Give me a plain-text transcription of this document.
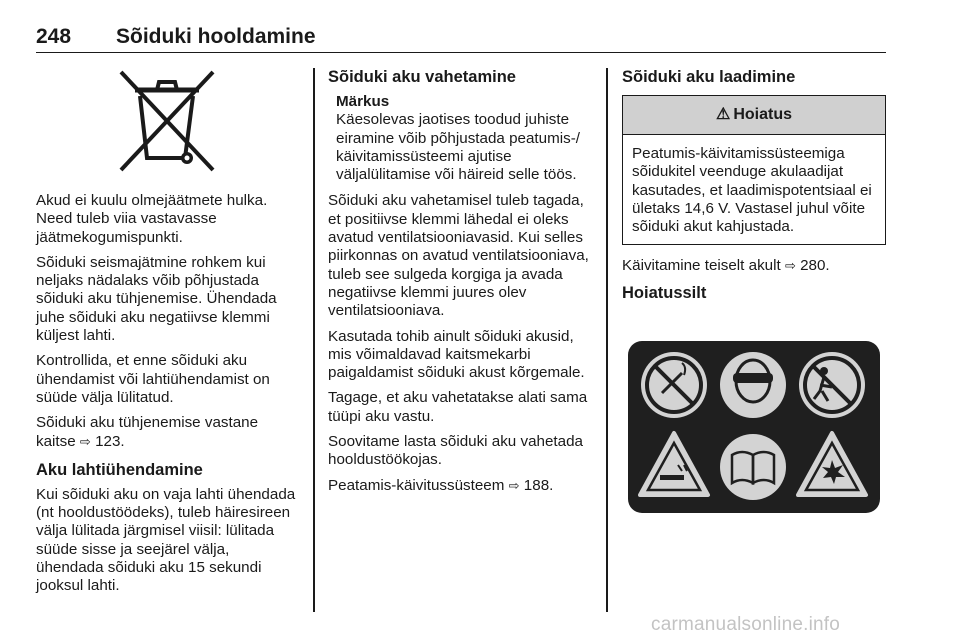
248	Sõiduki hooldamine

Akud ei kuulu olmejäätmete hulka. Need tuleb viia vastavasse jäätmekogumispunkti.

Sõiduki seismajätmine rohkem kui neljaks nädalaks võib põhjustada sõiduki aku tühjenemise. Ühendada juhe sõiduki aku negatiivse klemmi küljest lahti.

Kontrollida, et enne sõiduki aku ühendamist või lahtiühendamist on süüde välja lülitatud.

Sõiduki aku tühjenemise vastane kaitse ⇨ 123.

Aku lahtiühendamine

Kui sõiduki aku on vaja lahti ühendada (nt hooldustöödeks), tuleb häiresireen välja lülitada järgmisel viisil: lülitada süüde sisse ja seejärel välja, ühendada sõiduki aku 15 sekundi jooksul lahti.

Sõiduki aku vahetamine
Märkus
Käesolevas jaotises toodud juhiste eiramine võib põhjustada peatumis-/ käivitamissüsteemi ajutise väljalülitamise või häireid selle töös.

Sõiduki aku vahetamisel tuleb tagada, et positiivse klemmi lähedal ei oleks avatud ventilatsiooniavasid. Kui selles piirkonnas on avatud ventilatsiooniava, tuleb see sulgeda korgiga ja avada negatiivse klemmi juures olev ventilatsiooniava.

Kasutada tohib ainult sõiduki akusid, mis võimaldavad kaitsmekarbi paigaldamist sõiduki akust kõrgemale.

Tagage, et aku vahetatakse alati sama tüüpi aku vastu.

Soovitame lasta sõiduki aku vahetada hooldustöökojas.

Peatamis-käivitussüsteem ⇨ 188.

Sõiduki aku laadimine
⚠ Hoiatus
Peatumis-käivitamissüsteemiga sõidukitel veenduge akulaadijat kasutades, et laadimispotentsiaal ei ületaks 14,6 V. Vastasel juhul võite sõiduki akut kahjustada.

Käivitamine teiselt akult ⇨ 280.

Hoiatussilt
carmanualsonline.info
